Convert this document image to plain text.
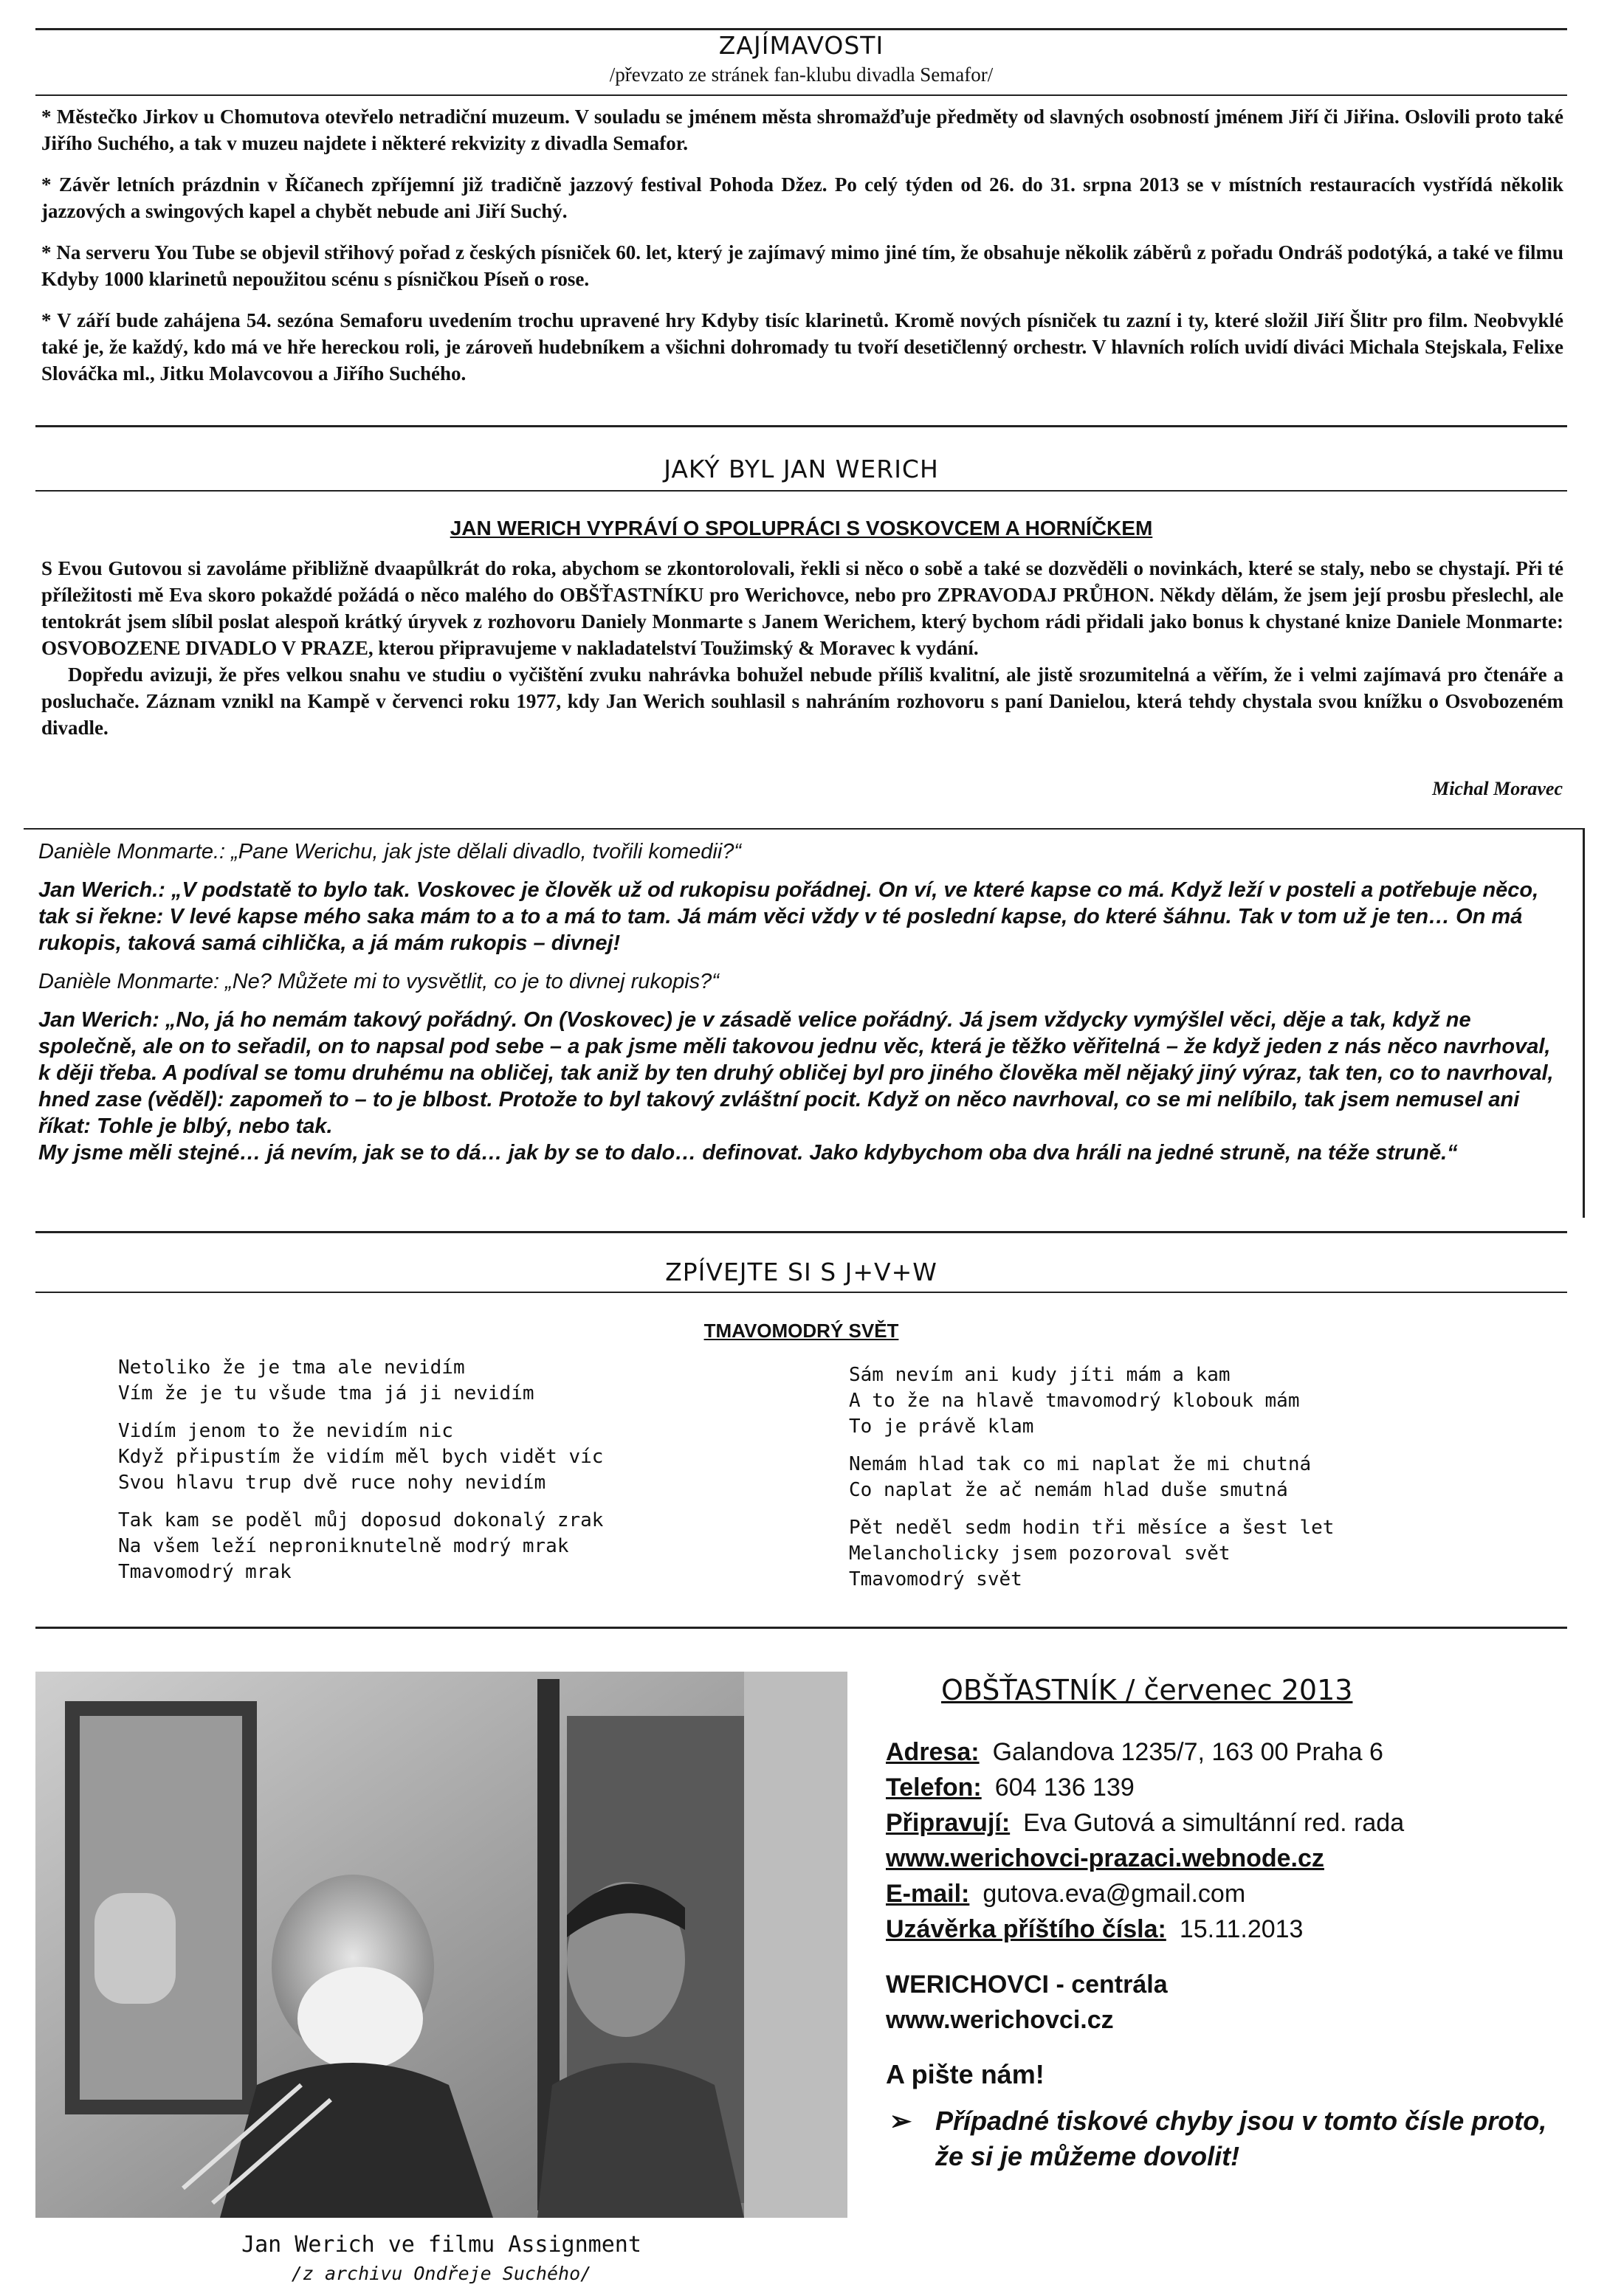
ZAJÍMAVOSTI
/převzato ze stránek fan-klubu divadla Semafor/

* Městečko Jirkov u Chomutova otevřelo netradiční muzeum. V souladu se jménem města shromažďuje předměty od slavných osobností jménem Jiří či Jiřina. Oslovili proto také Jiřího Suchého, a tak v muzeu najdete i některé rekvizity z divadla Semafor.

* Závěr letních prázdnin v Říčanech zpříjemní již tradičně jazzový festival Pohoda Džez. Po celý týden od 26. do 31. srpna 2013 se v místních restauracích vystřídá několik jazzových a swingových kapel a chybět nebude ani Jiří Suchý.

* Na serveru You Tube se objevil střihový pořad z českých písniček 60. let, který je zajímavý mimo jiné tím, že obsahuje několik záběrů z pořadu Ondráš podotýká, a také ve filmu Kdyby 1000 klarinetů nepoužitou scénu s písničkou Píseň o rose.

* V září bude zahájena 54. sezóna Semaforu uvedením trochu upravené hry Kdyby tisíc klarinetů. Kromě nových písniček tu zazní i ty, které složil Jiří Šlitr pro film. Neobvyklé také je, že každý, kdo má ve hře hereckou roli, je zároveň hudebníkem a všichni dohromady tu tvoří desetičlenný orchestr. V hlavních rolích uvidí diváci Michala Stejskala, Felixe Slováčka ml., Jitku Molavcovou a Jiřího Suchého.

JAKÝ BYL JAN WERICH
JAN WERICH VYPRÁVÍ O SPOLUPRÁCI S VOSKOVCEM A HORNÍČKEM

S Evou Gutovou si zavoláme přibližně dvaapůlkrát do roka, abychom se zkontorolovali, řekli si něco o sobě a také se dozvěděli o novinkách, které se staly, nebo se chystají. Při té příležitosti mě Eva skoro pokaždé požádá o něco malého do OBŠŤASTNÍKU pro Werichovce, nebo pro ZPRAVODAJ PRŮHON. Někdy dělám, že jsem její prosbu přeslechl, ale tentokrát jsem slíbil poslat alespoň krátký úryvek z rozhovoru Daniely Monmarte s Janem Werichem, který bychom rádi přidali jako bonus k chystané knize Daniele Monmarte: OSVOBOZENE DIVADLO V PRAZE, kterou připravujeme v nakladatelství Toužimský & Moravec k vydání.

Dopředu avizuji, že přes velkou snahu ve studiu o vyčištění zvuku nahrávka bohužel nebude příliš kvalitní, ale jistě srozumitelná a věřím, že i velmi zajímavá pro čtenáře a posluchače. Záznam vznikl na Kampě v červenci roku 1977, kdy Jan Werich souhlasil s nahráním rozhovoru s paní Danielou, která tehdy chystala svou knížku o Osvobozeném divadle.

Michal Moravec

Danièle Monmarte.: „Pane Werichu, jak jste dělali divadlo, tvořili komedii?“

Jan Werich.: „V podstatě to bylo tak. Voskovec je člověk už od rukopisu pořádnej. On ví, ve které kapse co má. Když leží v posteli a potřebuje něco, tak si řekne: V levé kapse mého saka mám to a to a má to tam. Já mám věci vždy v té poslední kapse, do které šáhnu. Tak v tom už je ten… On má rukopis, taková samá cihlička, a já mám rukopis – divnej!

Danièle Monmarte: „Ne? Můžete mi to vysvětlit, co je to divnej rukopis?“

Jan Werich: „No, já ho nemám takový pořádný. On (Voskovec) je v zásadě velice pořádný. Já jsem vždycky vymýšlel věci, děje a tak, když ne společně, ale on to seřadil, on to napsal pod sebe – a pak jsme měli takovou jednu věc, která je těžko věřitelná – že když jeden z nás něco navrhoval, k ději třeba. A podíval se tomu druhému na obličej, tak aniž by ten druhý obličej byl pro jiného člověka měl nějaký jiný výraz, tak ten, co to navrhoval, hned zase (věděl): zapomeň to – to je blbost. Protože to byl takový zvláštní pocit. Když on něco navrhoval, co se mi nelíbilo, tak jsem nemusel ani říkat: Tohle je blbý, nebo tak.
My jsme měli stejné… já nevím, jak se to dá… jak by se to dalo… definovat. Jako kdybychom oba dva hráli na jedné struně, na téže struně.“

ZPÍVEJTE SI S J+V+W
TMAVOMODRÝ SVĚT
Netoliko že je tma ale nevidím
Vím že je tu všude tma já ji nevidím
Vidím jenom to že nevidím nic
Když připustím že vidím měl bych vidět víc
Svou hlavu trup dvě ruce nohy nevidím
Tak kam se poděl můj doposud dokonalý zrak
Na všem leží neproniknutelně modrý mrak
Tmavomodrý mrak
Sám nevím ani kudy jíti mám a kam
A to že na hlavě tmavomodrý klobouk mám
To je právě klam
Nemám hlad tak co mi naplat že mi chutná
Co naplat že ač nemám hlad duše smutná
Pět neděl sedm hodin tři měsíce a šest let
Melancholicky jsem pozoroval svět
Tmavomodrý svět
Jan Werich ve filmu Assignment
/z archivu Ondřeje Suchého/
OBŠŤASTNÍK / červenec 2013
Adresa: Galandova 1235/7, 163 00 Praha 6
Telefon: 604 136 139
Připravují: Eva Gutová a simultánní red. rada
www.werichovci-prazaci.webnode.cz
E-mail: gutova.eva@gmail.com
Uzávěrka příštího čísla: 15.11.2013
WERICHOVCI - centrála
www.werichovci.cz
A pište nám!
➢ Případné tiskové chyby jsou v tomto čísle proto, že si je můžeme dovolit!
